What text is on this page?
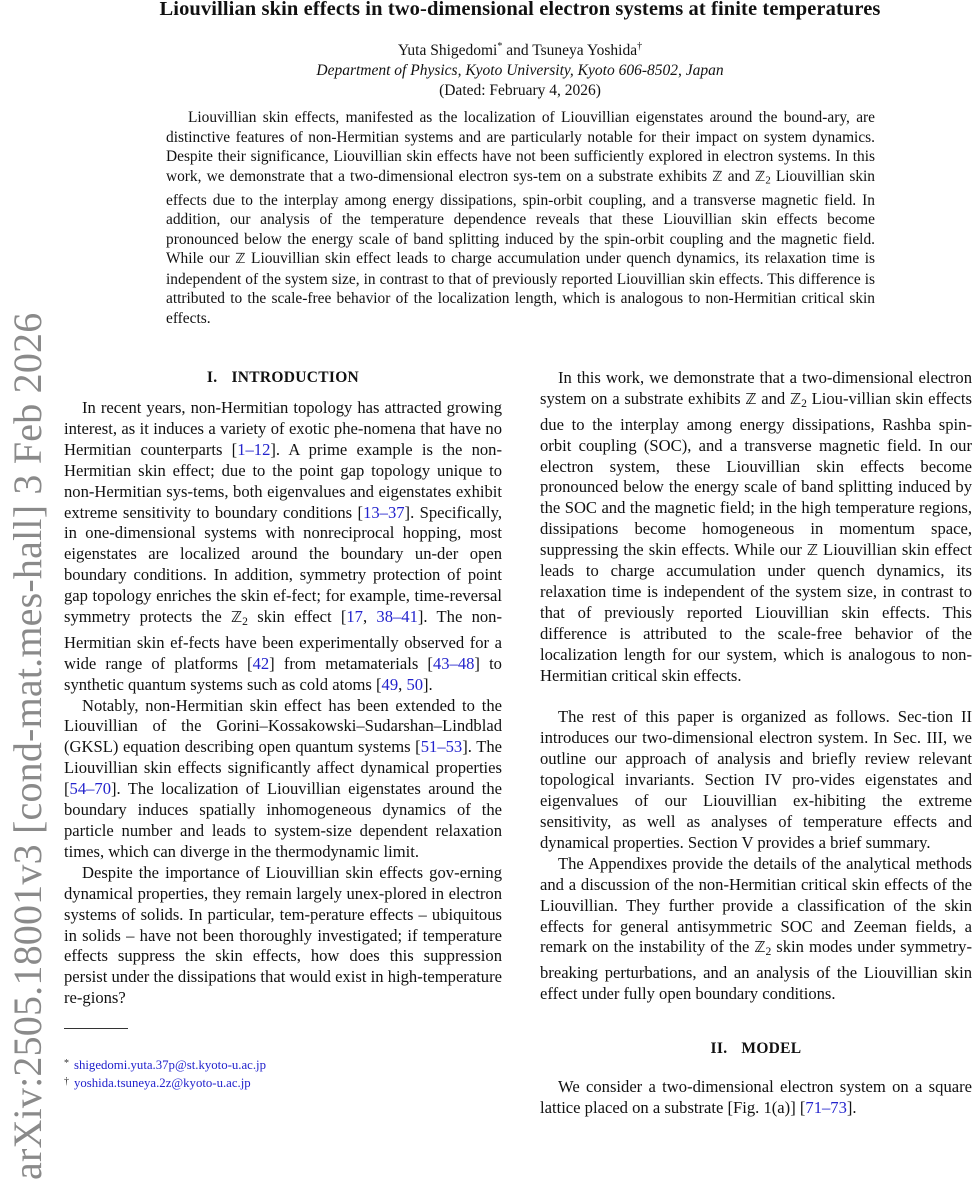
arXiv:2505.18001v3 [cond-mat.mes-hall] 3 Feb 2026
Liouvillian skin effects in two-dimensional electron systems at finite temperatures
Yuta Shigedomi* and Tsuneya Yoshida†
Department of Physics, Kyoto University, Kyoto 606-8502, Japan
(Dated: February 4, 2026)
Liouvillian skin effects, manifested as the localization of Liouvillian eigenstates around the bound-ary, are distinctive features of non-Hermitian systems and are particularly notable for their impact on system dynamics. Despite their significance, Liouvillian skin effects have not been sufficiently explored in electron systems. In this work, we demonstrate that a two-dimensional electron sys-tem on a substrate exhibits ℤ and ℤ$_2$ Liouvillian skin effects due to the interplay among energy dissipations, spin-orbit coupling, and a transverse magnetic field. In addition, our analysis of the temperature dependence reveals that these Liouvillian skin effects become pronounced below the energy scale of band splitting induced by the spin-orbit coupling and the magnetic field. While our ℤ Liouvillian skin effect leads to charge accumulation under quench dynamics, its relaxation time is independent of the system size, in contrast to that of previously reported Liouvillian skin effects. This difference is attributed to the scale-free behavior of the localization length, which is analogous to non-Hermitian critical skin effects.
I. INTRODUCTION

In recent years, non-Hermitian topology has attracted growing interest, as it induces a variety of exotic phe-nomena that have no Hermitian counterparts [1–12]. A prime example is the non-Hermitian skin effect; due to the point gap topology unique to non-Hermitian sys-tems, both eigenvalues and eigenstates exhibit extreme sensitivity to boundary conditions [13–37]. Specifically, in one-dimensional systems with nonreciprocal hopping, most eigenstates are localized around the boundary un-der open boundary conditions. In addition, symmetry protection of point gap topology enriches the skin ef-fect; for example, time-reversal symmetry protects the ℤ$_2$ skin effect [17, 38–41]. The non-Hermitian skin ef-fects have been experimentally observed for a wide range of platforms [42] from metamaterials [43–48] to synthetic quantum systems such as cold atoms [49, 50].

Notably, non-Hermitian skin effect has been extended to the Liouvillian of the Gorini–Kossakowski–Sudarshan–Lindblad (GKSL) equation describing open quantum systems [51–53]. The Liouvillian skin effects significantly affect dynamical properties [54–70]. The localization of Liouvillian eigenstates around the boundary induces spatially inhomogeneous dynamics of the particle number and leads to system-size dependent relaxation times, which can diverge in the thermodynamic limit.

Despite the importance of Liouvillian skin effects gov-erning dynamical properties, they remain largely unex-plored in electron systems of solids. In particular, tem-perature effects – ubiquitous in solids – have not been thoroughly investigated; if temperature effects suppress the skin effects, how does this suppression persist under the dissipations that would exist in high-temperature re-gions?

* shigedomi.yuta.37p@st.kyoto-u.ac.jp
† yoshida.tsuneya.2z@kyoto-u.ac.jp

In this work, we demonstrate that a two-dimensional electron system on a substrate exhibits ℤ and ℤ$_2$ Liou-villian skin effects due to the interplay among energy dissipations, Rashba spin-orbit coupling (SOC), and a transverse magnetic field. In our electron system, these Liouvillian skin effects become pronounced below the energy scale of band splitting induced by the SOC and the magnetic field; in the high temperature regions, dissipations become homogeneous in momentum space, suppressing the skin effects. While our ℤ Liouvillian skin effect leads to charge accumulation under quench dynamics, its relaxation time is independent of the system size, in contrast to that of previously reported Liouvillian skin effects. This difference is attributed to the scale-free behavior of the localization length for our system, which is analogous to non-Hermitian critical skin effects.

The rest of this paper is organized as follows. Sec-tion II introduces our two-dimensional electron system. In Sec. III, we outline our approach of analysis and briefly review relevant topological invariants. Section IV pro-vides eigenstates and eigenvalues of our Liouvillian ex-hibiting the extreme sensitivity, as well as analyses of temperature effects and dynamical properties. Section V provides a brief summary.

The Appendixes provide the details of the analytical methods and a discussion of the non-Hermitian critical skin effects of the Liouvillian. They further provide a classification of the skin effects for general antisymmetric SOC and Zeeman fields, a remark on the instability of the ℤ$_2$ skin modes under symmetry-breaking perturbations, and an analysis of the Liouvillian skin effect under fully open boundary conditions.

II. MODEL

We consider a two-dimensional electron system on a square lattice placed on a substrate [Fig. 1(a)] [71–73].
